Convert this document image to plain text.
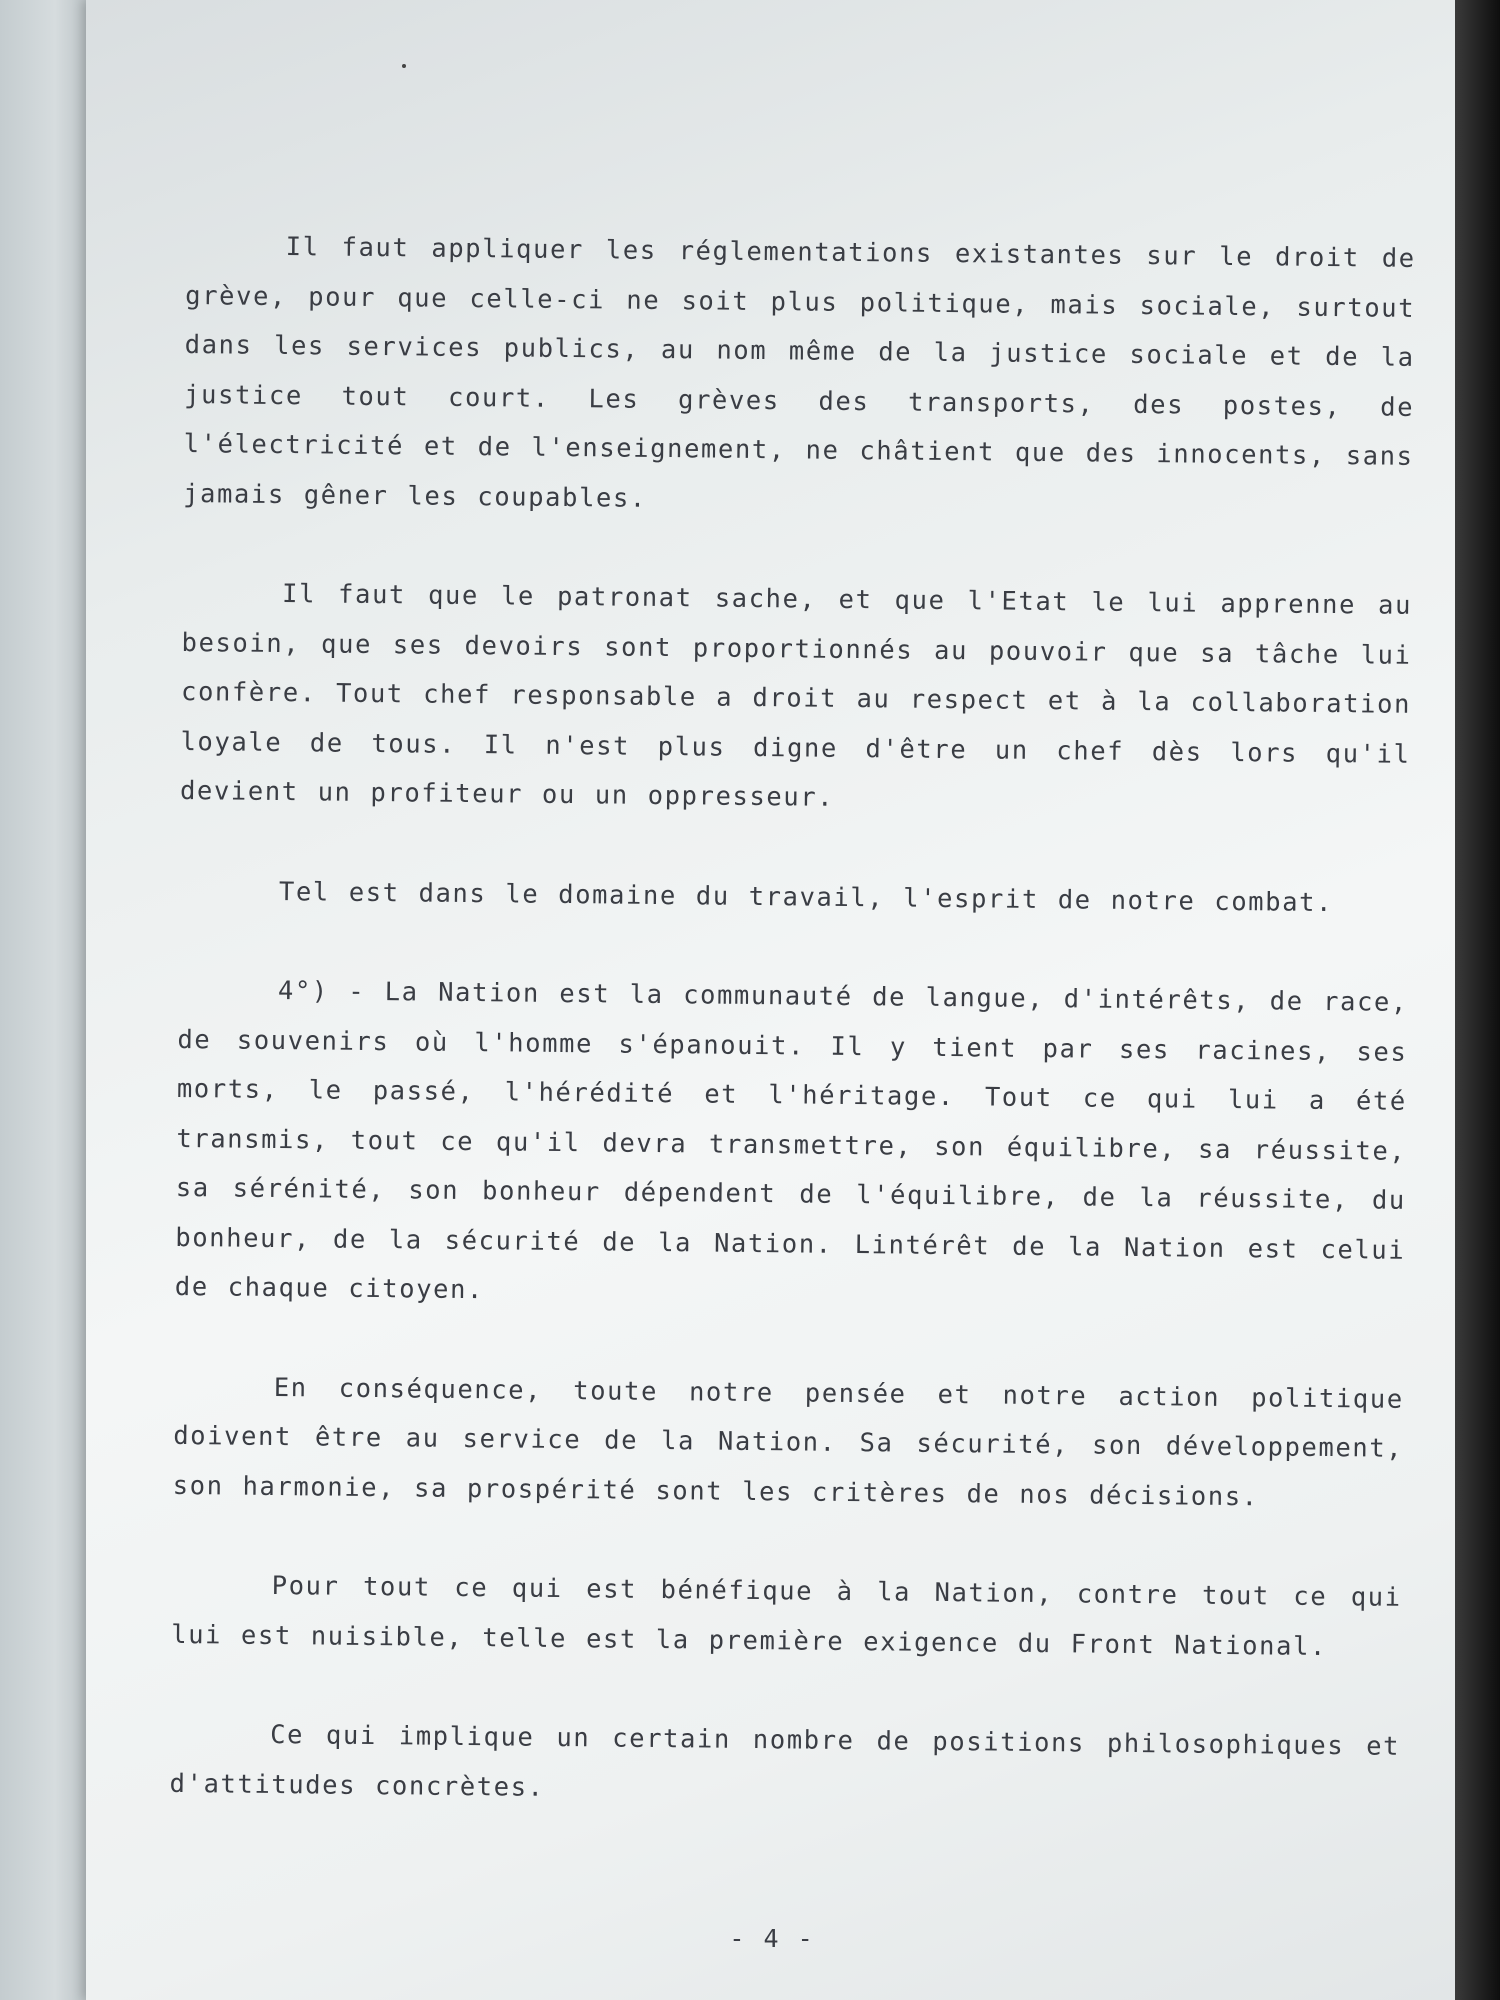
Il faut appliquer les réglementations existantes sur le droit de grève, pour que celle-ci ne soit plus politique, mais sociale, surtout dans les services publics, au nom même de la justice sociale et de la justice tout court. Les grèves des transports, des postes, de l'électricité et de l'enseignement, ne châtient que des innocents, sans jamais gêner les coupables.

Il faut que le patronat sache, et que l'Etat le lui apprenne au besoin, que ses devoirs sont proportionnés au pouvoir que sa tâche lui confère. Tout chef responsable a droit au respect et à la collaboration loyale de tous. Il n'est plus digne d'être un chef dès lors qu'il devient un profiteur ou un oppresseur.

Tel est dans le domaine du travail, l'esprit de notre combat.

4°) - La Nation est la communauté de langue, d'intérêts, de race, de souvenirs où l'homme s'épanouit. Il y tient par ses racines, ses morts, le passé, l'hérédité et l'héritage. Tout ce qui lui a été transmis, tout ce qu'il devra transmettre, son équilibre, sa réussite, sa sérénité, son bonheur dépendent de l'équilibre, de la réussite, du bonheur, de la sécurité de la Nation. Lintérêt de la Nation est celui de chaque citoyen.

En conséquence, toute notre pensée et notre action politique doivent être au service de la Nation. Sa sécurité, son développement, son harmonie, sa prospérité sont les critères de nos décisions.

Pour tout ce qui est bénéfique à la Nation, contre tout ce qui lui est nuisible, telle est la première exigence du Front National.

Ce qui implique un certain nombre de positions philosophiques et d'attitudes concrètes.

- 4 -
